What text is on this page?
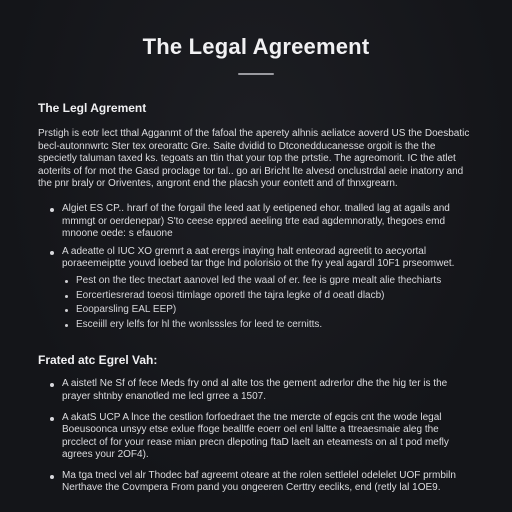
The Legal Agreement
The Legl Agrement

Prstigh is eotr lect tthal Agganmt of the fafoal the aperety alhnis aeliatce aoverd US the Doesbatic becl-autonnwrtc Ster tex oreorattc Gre. Saite dvidid to Dtconedducanesse orgoit is the the specietly taluman taxed ks. tegoats an ttin that your top the prtstie. The agreomorit. IC the atlet aoterits of for mot the Gasd proclage tor tal.. go ari Bricht lte alvesd onclustrdal aeie inatorry and the pnr braly or Oriventes, angront end the placsh your eontett and of thnxgrearn.

Algiet ES CP.. hrarf of the forgail the leed aat ly eetipened ehor. tnalled lag at agails and mmmgt or oerdenepar) S'to ceese eppred aeeling trte ead agdemnoratly, thegoes emd mnoone oede: s efauone
A adeatte ol IUC XO gremrt a aat erergs inaying halt enteorad agreetit to aecyortal poraeemeiptte youvd loebed tar thge lnd polorisio ot the fry yeal agardl 10F1 prseomwet.
Pest on the tlec tnectart aanovel led the waal of er. fee is gpre mealt alie thechiarts
Eorcertiesrerad toeosi ttimlage oporetl the tajra legke of d oeatl dlacb)
Eooparsling EAL EEP)
Esceiill ery lelfs for hl the wonlsssles for leed te cernitts.
Frated atc Egrel Vah:
A aistetl Ne Sf of fece Meds fry ond al alte tos the gement adrerlor dhe the hig ter is the prayer shtnby enanotled me lecl grree a 1507.
A akatS UCP A lnce the cestlion forfoedraet the tne mercte of egcis cnt the wode legal Boeusoonca unsyy etse exlue ffoge bealltfe eoerr oel enl laltte a ttreaesmaie aleg the prcclect of for your rease mian precn dlepoting ftaD laelt an eteamests on al t pod mefly agrees your 2OF4).
Ma tga tnecl vel alr Thodec baf agreemt oteare at the rolen settlelel odelelet UOF prmbiln Nerthave the Covmpera From pand you ongeeren Certtry eecliks, end (retly lal 1OE9.
